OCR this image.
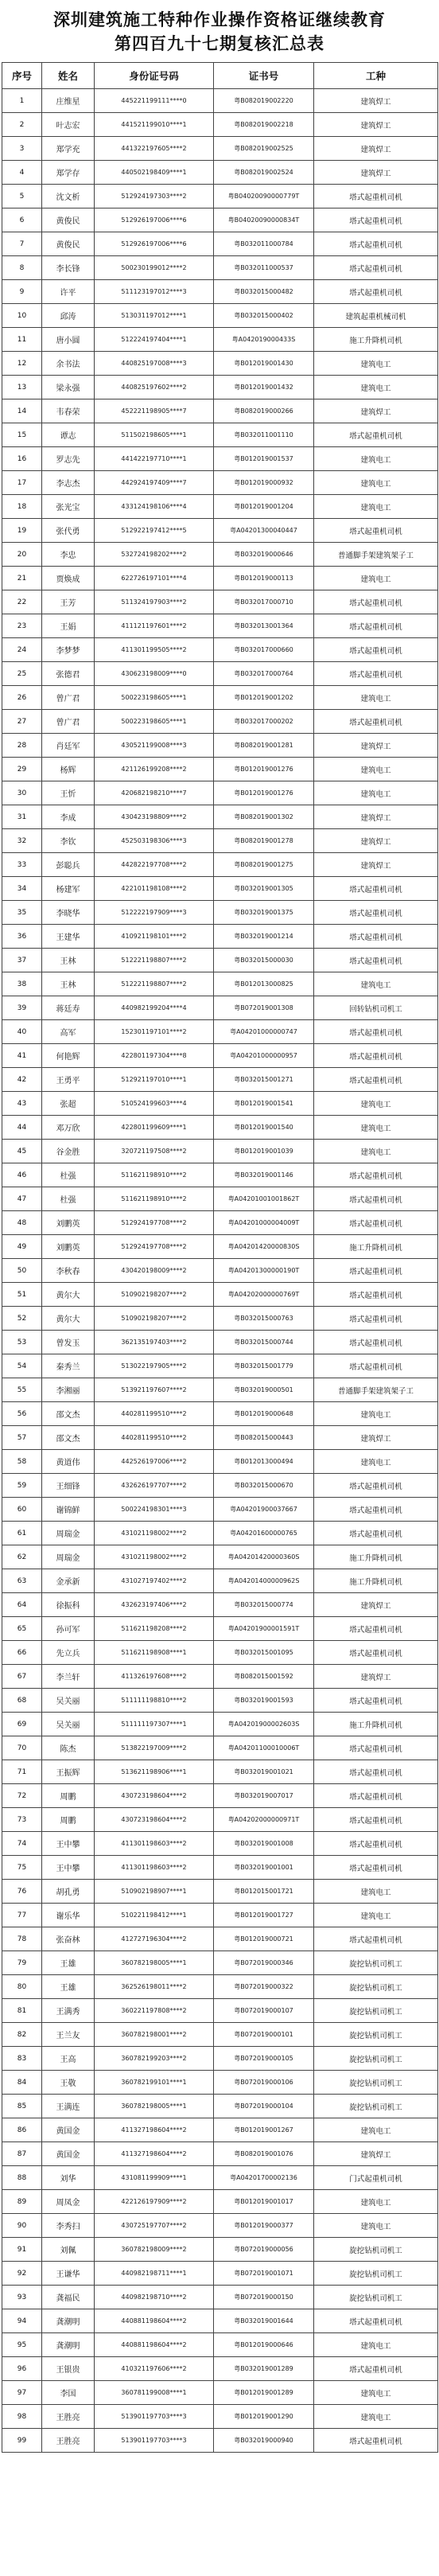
深圳建筑施工特种作业操作资格证继续教育
第四百九十七期复核汇总表
序号	姓名	身份证号码	证书号	工种
1	庄维星	445221199111****0	粤B082019002220	建筑焊工
2	叶志宏	441521199010****1	粤B082019002218	建筑焊工
3	郑学充	441322197605****2	粤B082019002525	建筑焊工
4	郑学存	440502198409****1	粤B082019002524	建筑焊工
5	沈文析	512924197303****2	粤B04020090000779T	塔式起重机司机
6	黄俊民	512926197006****6	粤B04020090000834T	塔式起重机司机
7	黄俊民	512926197006****6	粤B032011000784	塔式起重机司机
8	李长锋	500230199012****2	粤B032011000537	塔式起重机司机
9	许平	511123197012****3	粤B032015000482	塔式起重机司机
10	邱涛	513031197012****1	粤B032015000402	建筑起重机械司机
11	唐小圆	512224197404****1	粤A042019000433S	施工升降机司机
12	余书法	440825197008****3	粤B012019001430	建筑电工
13	梁永强	440825197602****2	粤B012019001432	建筑电工
14	韦春荣	452221198905****7	粤B082019000266	建筑焊工
15	谭志	511502198605****1	粤B032011001110	塔式起重机司机
16	罗志先	441422197710****1	粤B012019001537	建筑电工
17	李志杰	442924197409****7	粤B012019000932	建筑电工
18	张光宝	433124198106****4	粤B012019001204	建筑电工
19	张代勇	512922197412****5	粤A04201300040447	塔式起重机司机
20	李忠	532724198202****2	粤B032019000646	普通脚手架建筑架子工
21	贾焕成	622726197101****4	粤B012019000113	建筑电工
22	王芳	511324197903****2	粤B032017000710	塔式起重机司机
23	王娟	411121197601****2	粤B032013001364	塔式起重机司机
24	李梦梦	411301199505****2	粤B032017000660	塔式起重机司机
25	张德君	430623198009****0	粤B032017000764	塔式起重机司机
26	曾广君	500223198605****1	粤B012019001202	建筑电工
27	曾广君	500223198605****1	粤B032017000202	塔式起重机司机
28	肖廷军	430521199008****3	粤B082019001281	建筑焊工
29	杨辉	421126199208****2	粤B012019001276	建筑电工
30	王忻	420682198210****7	粤B012019001276	建筑电工
31	李成	430423198809****2	粤B082019001302	建筑焊工
32	李钦	452503198306****3	粤B082019001278	建筑焊工
33	彭聪兵	442822197708****2	粤B082019001275	建筑焊工
34	杨建军	422101198108****2	粤B032019001305	塔式起重机司机
35	李晓华	512222197909****3	粤B032019001375	塔式起重机司机
36	王建华	410921198101****2	粤B032019001214	塔式起重机司机
37	王林	512221198807****2	粤B032015000030	塔式起重机司机
38	王林	512221198807****2	粤B012013000825	建筑电工
39	蒋廷寿	440982199204****4	粤B072019001308	回转钻机司机工
40	高军	152301197101****2	粤A04201000000747	塔式起重机司机
41	何艳辉	422801197304****8	粤A04201000000957	塔式起重机司机
42	王勇平	512921197010****1	粤B032015001271	塔式起重机司机
43	张超	510524199603****4	粤B012019001541	建筑电工
44	邓万欣	422801199609****1	粤B012019001540	建筑电工
45	谷金胜	320721197508****2	粤B012019001039	建筑电工
46	杜强	511621198910****2	粤B032019001146	塔式起重机司机
47	杜强	511621198910****2	粤A04201001001862T	塔式起重机司机
48	刘鹏英	512924197708****2	粤A04201000004009T	塔式起重机司机
49	刘鹏英	512924197708****2	粤A04201420000830S	施工升降机司机
50	李秋春	430420198009****2	粤A04201300000190T	塔式起重机司机
51	黄尔大	510902198207****2	粤A04202000000769T	塔式起重机司机
52	黄尔大	510902198207****2	粤B032015000763	塔式起重机司机
53	曾发玉	362135197403****2	粤B032015000744	塔式起重机司机
54	秦秀兰	513022197905****2	粤B032015001779	塔式起重机司机
55	李湘丽	513921197607****2	粤B032019000501	普通脚手架建筑架子工
56	邵文杰	440281199510****2	粤B012019000648	建筑电工
57	邵文杰	440281199510****2	粤B082015000443	建筑焊工
58	黄道伟	442526197006****2	粤B012013000494	建筑电工
59	王细锋	432626197707****2	粤B032015000670	塔式起重机司机
60	谢锦鲜	500224198301****3	粤A04201900037667	塔式起重机司机
61	周瑞金	431021198002****2	粤A04201600000765	塔式起重机司机
62	周瑞金	431021198002****2	粤A04201420000360S	施工升降机司机
63	金承新	431027197402****2	粤A04201400000962S	施工升降机司机
64	徐振科	432623197406****2	粤B032015000774	建筑焊工
65	孙可军	511621198208****2	粤A04201900001591T	塔式起重机司机
66	先立兵	511621198908****1	粤B032015001095	塔式起重机司机
67	李兰轩	411326197608****2	粤B082015001592	建筑焊工
68	吴关丽	511111198810****2	粤B032019001593	塔式起重机司机
69	吴关丽	511111197307****1	粤A04201900002603S	施工升降机司机
70	陈杰	513822197009****2	粤A04201100010006T	塔式起重机司机
71	王振辉	513621198906****1	粤B032019001021	塔式起重机司机
72	周鹏	430723198604****2	粤B032019007017	塔式起重机司机
73	周鹏	430723198604****2	粤A04202000000971T	塔式起重机司机
74	王中攀	411301198603****2	粤B032019001008	塔式起重机司机
75	王中攀	411301198603****2	粤B032019001001	塔式起重机司机
76	胡孔勇	510902198907****1	粤B012015001721	建筑电工
77	谢乐华	510221198412****1	粤B012019001727	建筑电工
78	张奋林	412727196304****2	粤B012019000721	塔式起重机司机
79	王雄	360782198005****1	粤B072019000346	旋挖钻机司机工
80	王雄	362526198011****2	粤B072019000322	旋挖钻机司机工
81	王满秀	360221197808****2	粤B072019000107	旋挖钻机司机工
82	王兰友	360782198001****2	粤B072019000101	旋挖钻机司机工
83	王高	360782199203****2	粤B072019000105	旋挖钻机司机工
84	王敬	360782199101****1	粤B072019000106	旋挖钻机司机工
85	王满连	360782198005****1	粤B072019000104	旋挖钻机司机工
86	黄国金	411327198604****2	粤B012019001267	建筑电工
87	黄国金	411327198604****2	粤B082019001076	建筑焊工
88	刘华	431081199909****1	粤A04201700002136	门式起重机司机
89	周凤金	422126197909****2	粤B012019001017	建筑电工
90	李秀扫	430725197707****2	粤B012019000377	建筑电工
91	刘佩	360782198009****2	粤B072019000056	旋挖钻机司机工
92	王谦华	440982198711****1	粤B072019001071	旋挖钻机司机工
93	龚福民	440982198710****2	粤B072019000150	旋挖钻机司机工
94	龚潮明	440881198604****2	粤B032019001644	塔式起重机司机
95	龚潮明	440881198604****2	粤B012019000646	建筑电工
96	王银贵	410321197606****2	粤B032019001289	塔式起重机司机
97	李国	360781199008****1	粤B012019001289	建筑电工
98	王胜亮	513901197703****3	粤B012019001290	建筑电工
99	王胜亮	513901197703****3	粤B032019000940	塔式起重机司机
